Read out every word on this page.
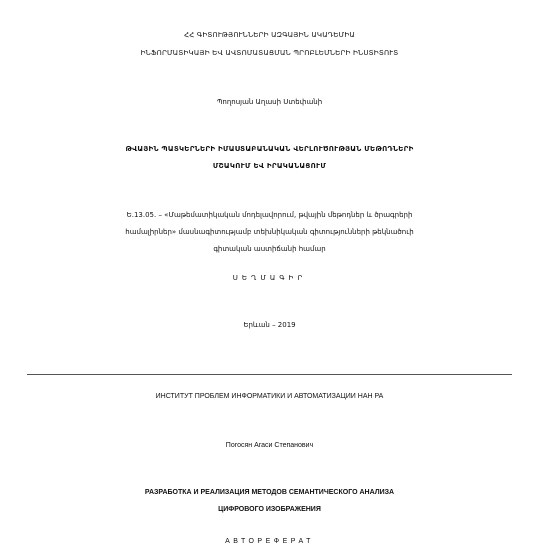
ՀՀ ԳԻՏՈՒԹՅՈՒՆՆԵՐԻ ԱԶԳԱՅԻՆ ԱԿԱԴԵՄԻԱ
ԻՆՖՈՐՄԱՏԻԿԱՅԻ ԵՎ ԱՎՏՈՄԱՏԱՑՄԱՆ ՊՐՈԲԼԵՄՆԵՐԻ ԻՆՍՏԻՏՈՒՏ
Պողոսյան Աղասի Ստեփանի
ԹՎԱՅԻՆ ՊԱՏԿԵՐՆԵՐԻ ԻՄԱՍՏԱԲԱՆԱԿԱՆ ՎԵՐԼՈՒԾՈՒԹՅԱՆ ՄԵԹՈԴՆԵՐԻ
ՄՇԱԿՈՒՄ ԵՎ ԻՐԱԿԱՆԱՑՈՒՄ
Ե.13.05. – «Մաթեմատիկական մոդելավորում, թվային մեթոդներ և ծրագրերի
համալիրներ» մասնագիտությամբ տեխնիկական գիտությունների թեկնածուի
գիտական աստիճանի համար
ՍԵՂՄԱԳԻՐ
Երևան – 2019
ИНСТИТУТ ПРОБЛЕМ ИНФОРМАТИКИ И АВТОМАТИЗАЦИИ НАН РА
Погосян Агаси Степанович
РАЗРАБОТКА И РЕАЛИЗАЦИЯ МЕТОДОВ СЕМАНТИЧЕСКОГО АНАЛИЗА
ЦИФРОВОГО ИЗОБРАЖЕНИЯ
АВТОРЕФЕРАТ
